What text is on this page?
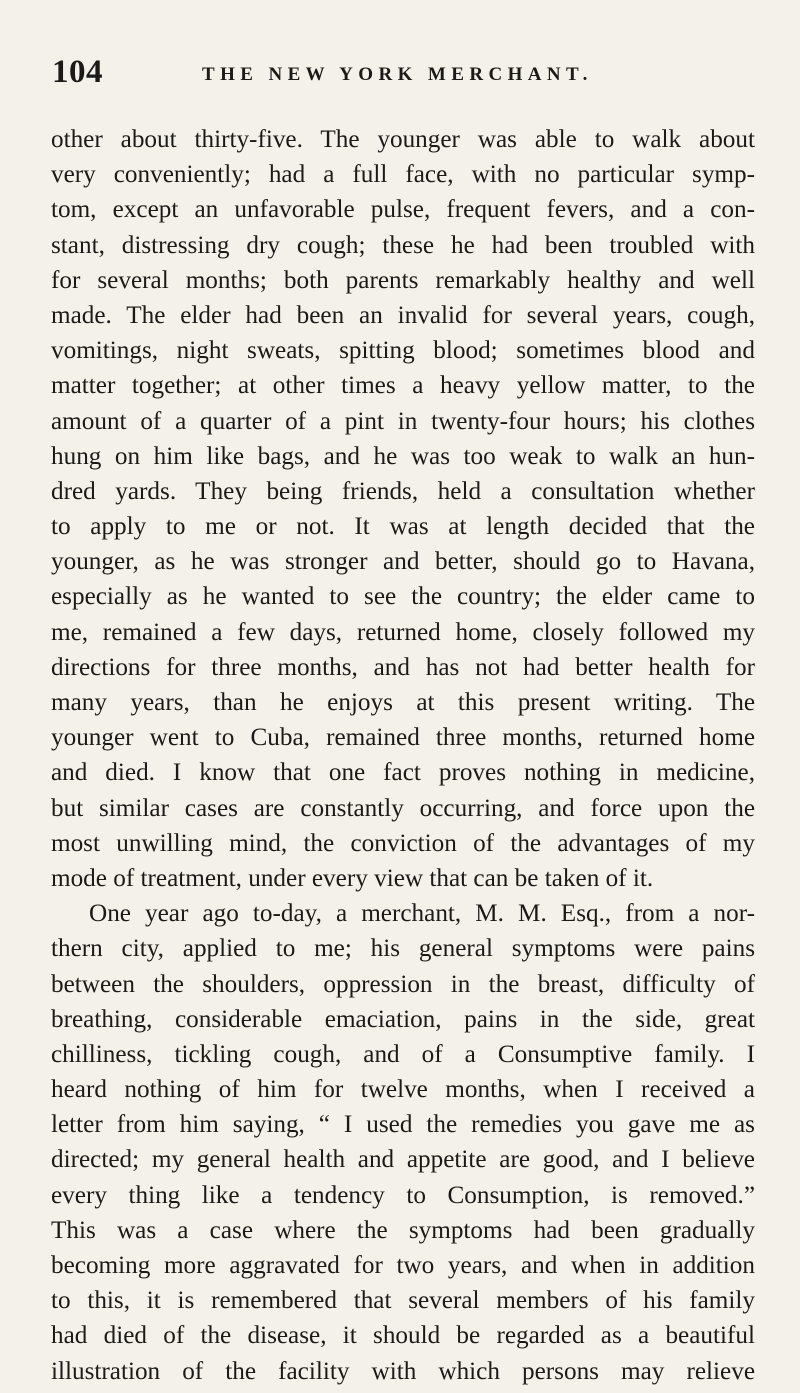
104	THE NEW YORK MERCHANT.
other about thirty-five. The younger was able to walk about
very conveniently; had a full face, with no particular symp-
tom, except an unfavorable pulse, frequent fevers, and a con-
stant, distressing dry cough; these he had been troubled with
for several months; both parents remarkably healthy and well
made. The elder had been an invalid for several years, cough,
vomitings, night sweats, spitting blood; sometimes blood and
matter together; at other times a heavy yellow matter, to the
amount of a quarter of a pint in twenty-four hours; his clothes
hung on him like bags, and he was too weak to walk an hun-
dred yards. They being friends, held a consultation whether
to apply to me or not. It was at length decided that the
younger, as he was stronger and better, should go to Havana,
especially as he wanted to see the country; the elder came to
me, remained a few days, returned home, closely followed my
directions for three months, and has not had better health for
many years, than he enjoys at this present writing. The
younger went to Cuba, remained three months, returned home
and died. I know that one fact proves nothing in medicine,
but similar cases are constantly occurring, and force upon the
most unwilling mind, the conviction of the advantages of my
mode of treatment, under every view that can be taken of it.
One year ago to-day, a merchant, M. M. Esq., from a nor-
thern city, applied to me; his general symptoms were pains
between the shoulders, oppression in the breast, difficulty of
breathing, considerable emaciation, pains in the side, great
chilliness, tickling cough, and of a Consumptive family. I
heard nothing of him for twelve months, when I received a
letter from him saying, “ I used the remedies you gave me as
directed; my general health and appetite are good, and I believe
every thing like a tendency to Consumption, is removed.”
This was a case where the symptoms had been gradually
becoming more aggravated for two years, and when in addition
to this, it is remembered that several members of his family
had died of the disease, it should be regarded as a beautiful
illustration of the facility with which persons may relieve
